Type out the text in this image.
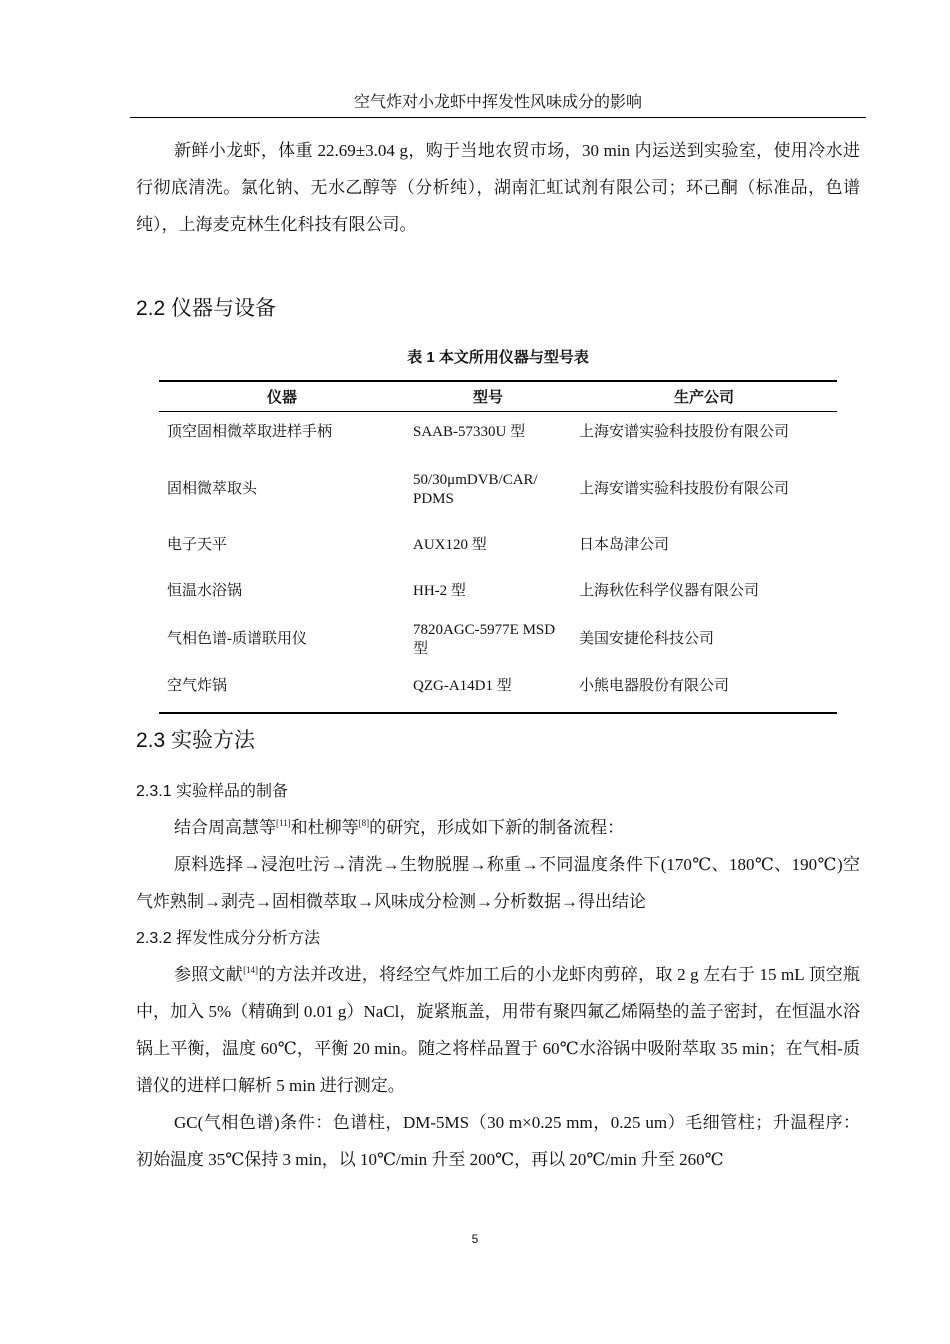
空气炸对小龙虾中挥发性风味成分的影响
新鲜小龙虾，体重 22.69±3.04 g，购于当地农贸市场，30 min 内运送到实验室，使用冷水进行彻底清洗。氯化钠、无水乙醇等（分析纯），湖南汇虹试剂有限公司；环己酮（标准品，色谱纯），上海麦克林生化科技有限公司。
2.2 仪器与设备
表 1 本文所用仪器与型号表
仪器	型号	生产公司
顶空固相微萃取进样手柄	SAAB-57330U 型	上海安谱实验科技股份有限公司
固相微萃取头	50/30μmDVB/CAR/ PDMS	上海安谱实验科技股份有限公司
电子天平	AUX120 型	日本岛津公司
恒温水浴锅	HH-2 型	上海秋佐科学仪器有限公司
气相色谱-质谱联用仪	7820AGC-5977E MSD 型	美国安捷伦科技公司
空气炸锅	QZG-A14D1 型	小熊电器股份有限公司
2.3 实验方法
2.3.1 实验样品的制备
结合周高慧等[11]和杜柳等[8]的研究，形成如下新的制备流程：
原料选择→浸泡吐污→清洗→生物脱腥→称重→不同温度条件下(170℃、180℃、190℃)空气炸熟制→剥壳→固相微萃取→风味成分检测→分析数据→得出结论
2.3.2 挥发性成分分析方法
参照文献[14]的方法并改进，将经空气炸加工后的小龙虾肉剪碎，取 2 g 左右于 15 mL 顶空瓶中，加入 5%（精确到 0.01 g）NaCl，旋紧瓶盖，用带有聚四氟乙烯隔垫的盖子密封，在恒温水浴锅上平衡，温度 60℃，平衡 20 min。随之将样品置于 60℃水浴锅中吸附萃取 35 min；在气相-质谱仪的进样口解析 5 min 进行测定。
GC(气相色谱)条件：色谱柱，DM-5MS（30 m×0.25 mm，0.25 um）毛细管柱；升温程序：初始温度 35℃保持 3 min，以 10℃/min 升至 200℃，再以 20℃/min 升至 260℃
5
